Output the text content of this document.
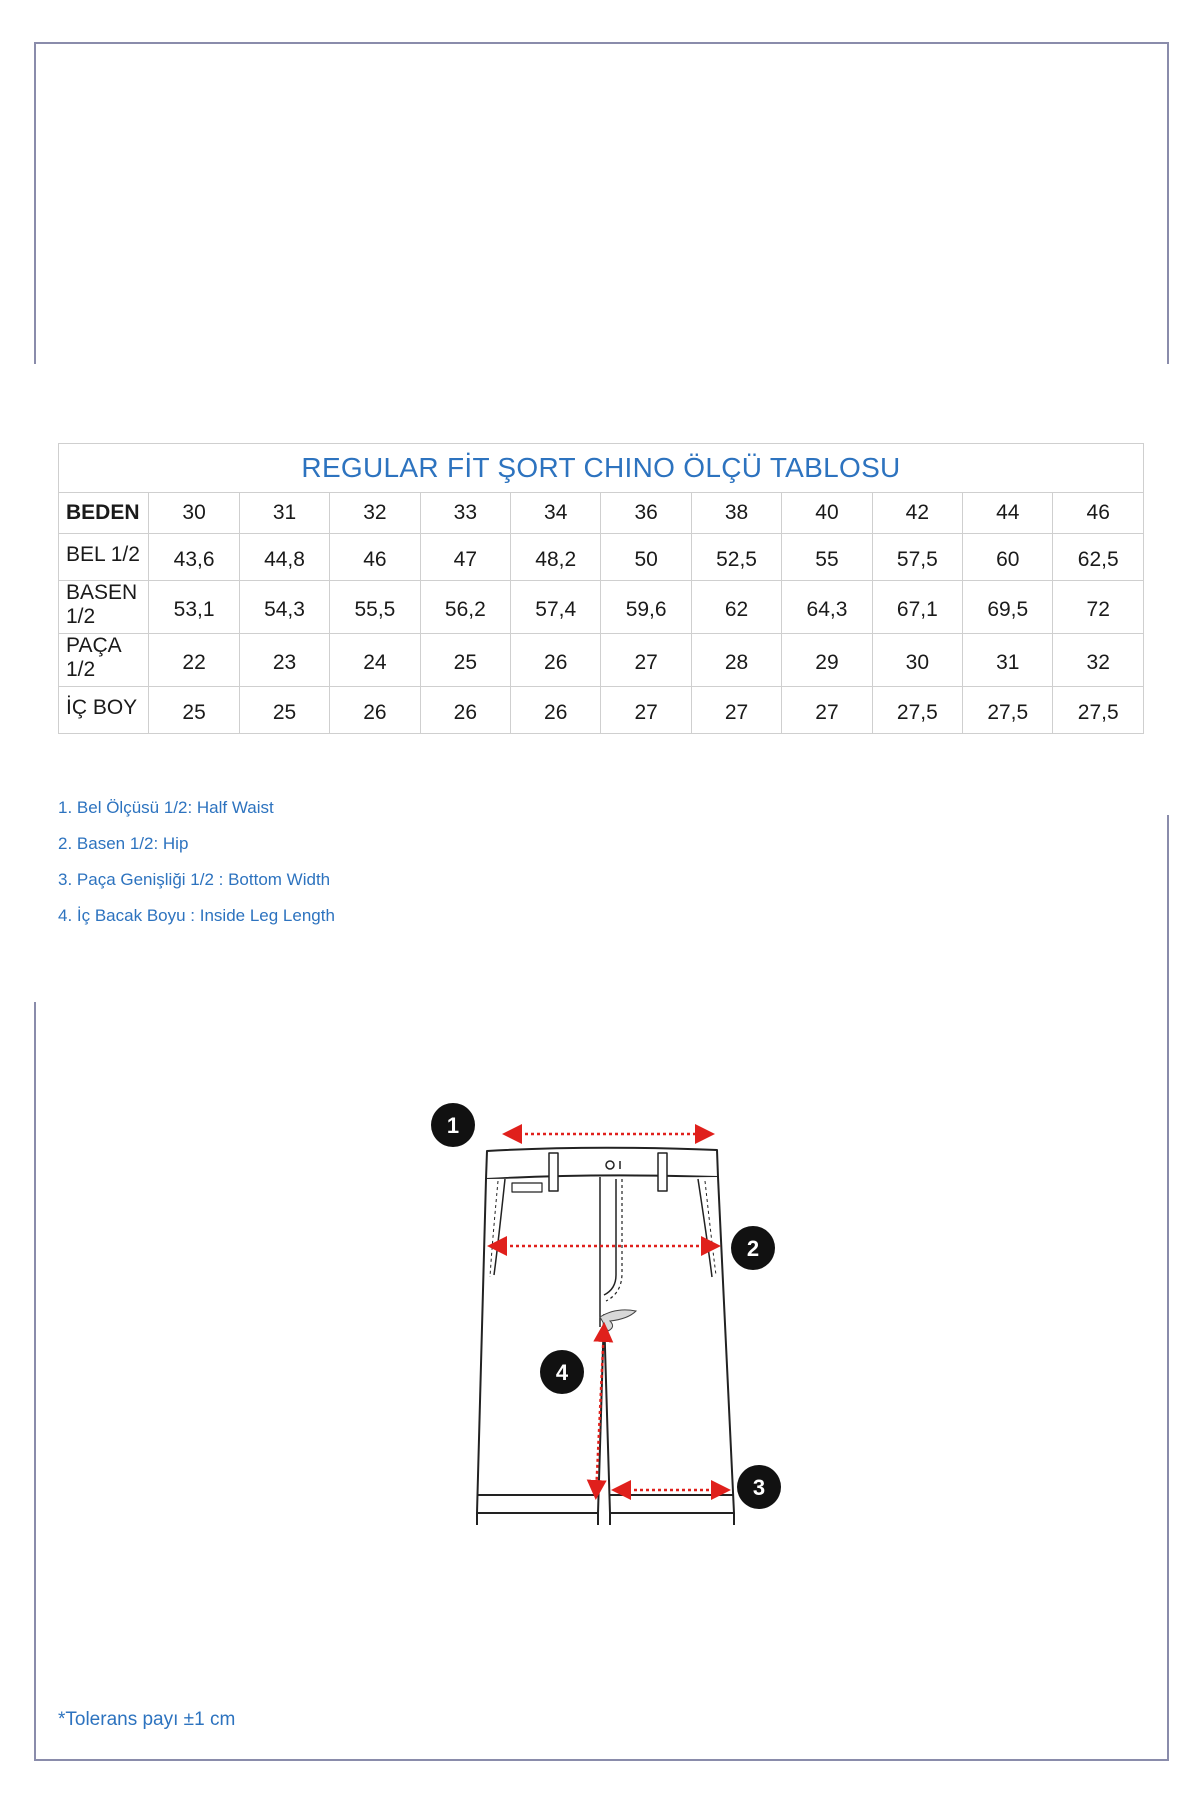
REGULAR FİT ŞORT CHINO ÖLÇÜ TABLOSU											
BEDEN	30	31	32	33	34	36	38	40	42	44	46
BEL 1/2	43,6	44,8	46	47	48,2	50	52,5	55	57,5	60	62,5
BASEN 1/2	53,1	54,3	55,5	56,2	57,4	59,6	62	64,3	67,1	69,5	72
PAÇA 1/2	22	23	24	25	26	27	28	29	30	31	32
İÇ BOY	25	25	26	26	26	27	27	27	27,5	27,5	27,5
1. Bel Ölçüsü 1/2: Half Waist
2. Basen 1/2: Hip
3. Paça Genişliği 1/2 : Bottom Width
4. İç Bacak Boyu : Inside Leg Length
1
2
3
4
*Tolerans payı ±1 cm
